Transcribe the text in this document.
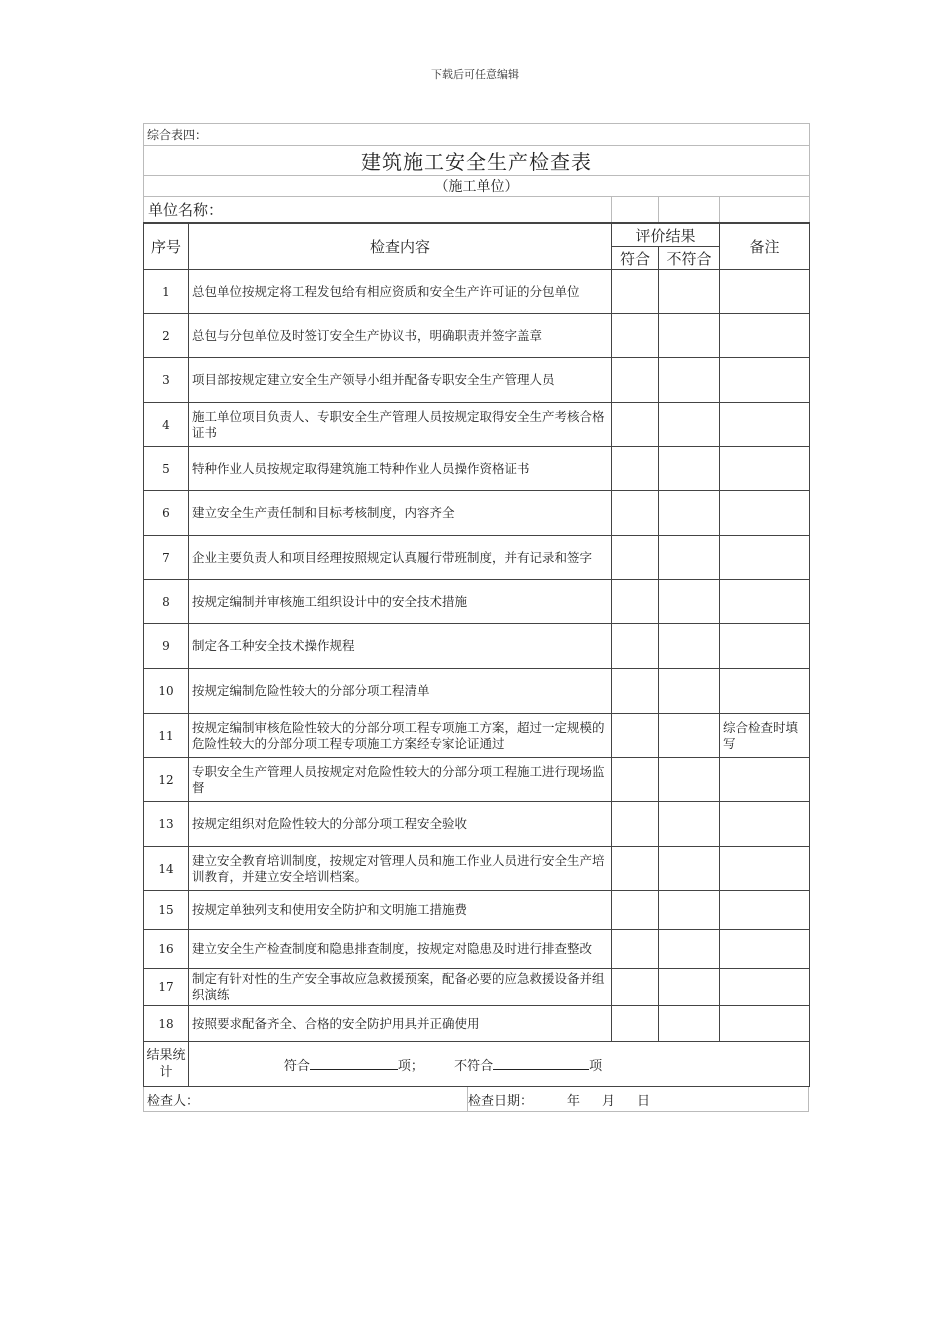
下载后可任意编辑
综合表四：
建筑施工安全生产检查表
（施工单位）
单位名称：			
序号	检查内容	评价结果		备注
		符合	不符合	
1	总包单位按规定将工程发包给有相应资质和安全生产许可证的分包单位			
2	总包与分包单位及时签订安全生产协议书，明确职责并签字盖章			
3	项目部按规定建立安全生产领导小组并配备专职安全生产管理人员			
4	施工单位项目负责人、专职安全生产管理人员按规定取得安全生产考核合格证书			
5	特种作业人员按规定取得建筑施工特种作业人员操作资格证书			
6	建立安全生产责任制和目标考核制度，内容齐全			
7	企业主要负责人和项目经理按照规定认真履行带班制度，并有记录和签字			
8	按规定编制并审核施工组织设计中的安全技术措施			
9	制定各工种安全技术操作规程			
10	按规定编制危险性较大的分部分项工程清单			
11	按规定编制审核危险性较大的分部分项工程专项施工方案，超过一定规模的危险性较大的分部分项工程专项施工方案经专家论证通过			综合检查时填写
12	专职安全生产管理人员按规定对危险性较大的分部分项工程施工进行现场监督			
13	按规定组织对危险性较大的分部分项工程安全验收			
14	建立安全教育培训制度，按规定对管理人员和施工作业人员进行安全生产培训教育，并建立安全培训档案。			
15	按规定单独列支和使用安全防护和文明施工措施费			
16	建立安全生产检查制度和隐患排查制度，按规定对隐患及时进行排查整改			
17	制定有针对性的生产安全事故应急救援预案，配备必要的应急救援设备并组织演练			
18	按照要求配备齐全、合格的安全防护用具并正确使用			
结果统计	符合 项； 不符合 项			
检查人：	检查日期：	年 月 日
